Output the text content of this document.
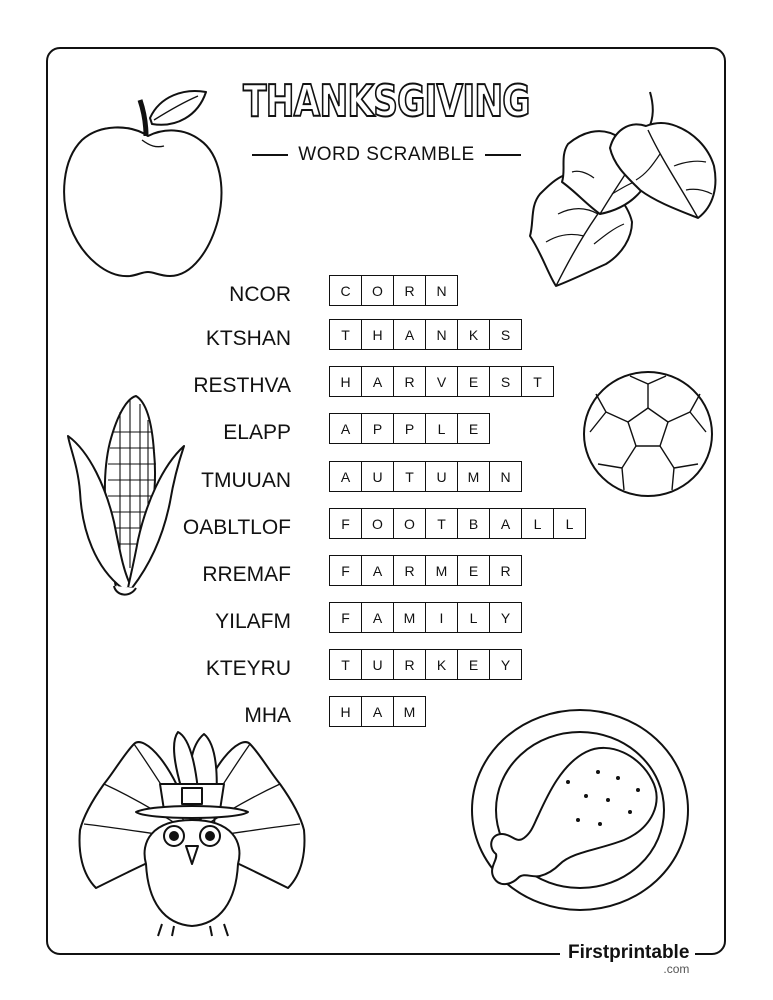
THANKSGIVING
WORD SCRAMBLE
NCOR	C	O	R	N
KTSHAN	T	H	A	N	K	S
RESTHVA	H	A	R	V	E	S	T
ELAPP	A	P	P	L	E
TMUUAN	A	U	T	U	M	N
OABLTLOF	F	O	O	T	B	A	L	L
RREMAF	F	A	R	M	E	R
YILAFM	F	A	M	I	L	Y
KTEYRU	T	U	R	K	E	Y
MHA	H	A	M
Firstprintable
.com
